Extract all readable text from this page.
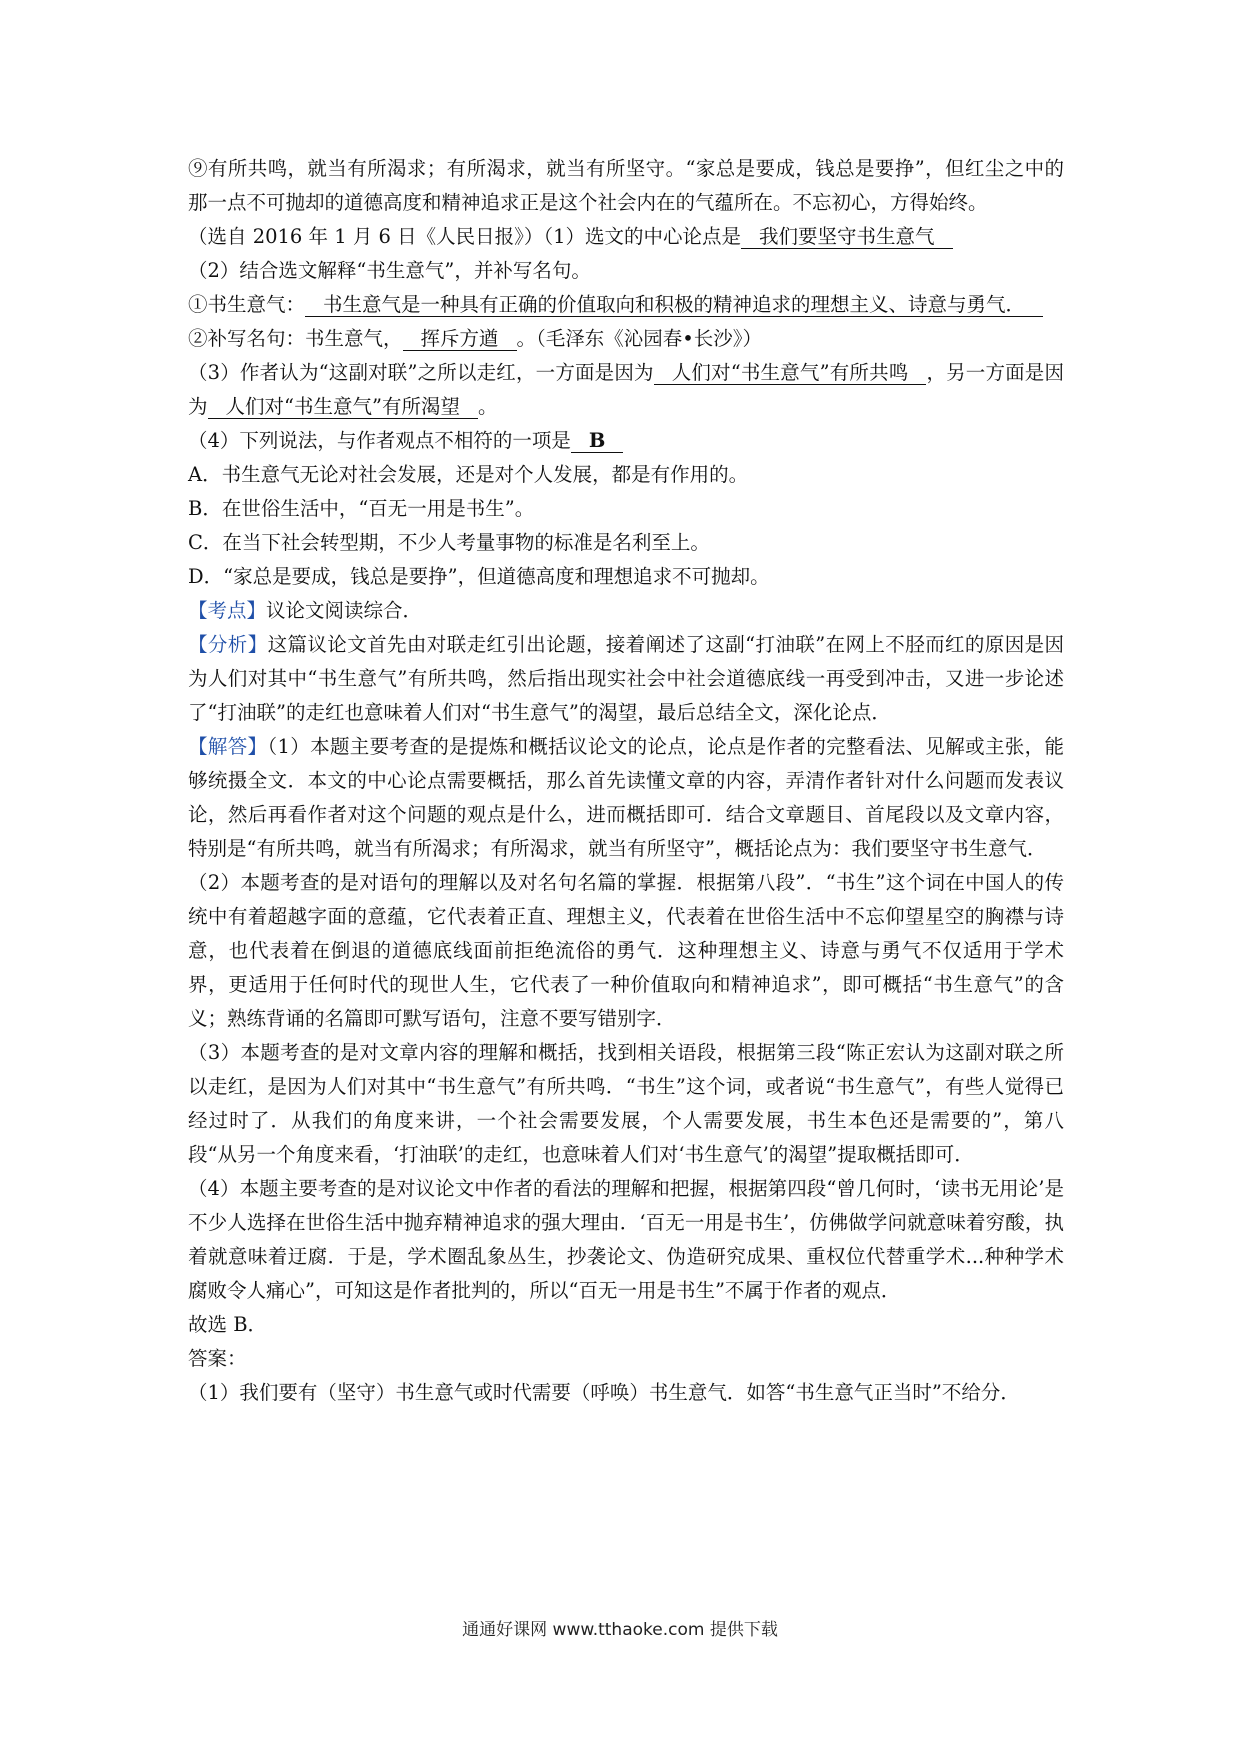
⑨有所共鸣，就当有所渴求；有所渴求，就当有所坚守。“家总是要成，钱总是要挣”，但红尘之中的那一点不可抛却的道德高度和精神追求正是这个社会内在的气蕴所在。不忘初心，方得始终。

（选自 2016 年 1 月 6 日《人民日报》）（1）选文的中心论点是 我们要坚守书生意气

（2）结合选文解释“书生意气”，并补写名句。

①书生意气： 书生意气是一种具有正确的价值取向和积极的精神追求的理想主义、诗意与勇气．

②补写名句：书生意气， 挥斥方遒 。（毛泽东《沁园春•长沙》）

（3）作者认为“这副对联”之所以走红，一方面是因为 人们对“书生意气”有所共鸣 ，另一方面是因为 人们对“书生意气”有所渴望 。

（4）下列说法，与作者观点不相符的一项是 B

A．书生意气无论对社会发展，还是对个人发展，都是有作用的。

B．在世俗生活中，“百无一用是书生”。

C．在当下社会转型期，不少人考量事物的标准是名利至上。

D．“家总是要成，钱总是要挣”，但道德高度和理想追求不可抛却。

【考点】议论文阅读综合．

【分析】这篇议论文首先由对联走红引出论题，接着阐述了这副“打油联”在网上不胫而红的原因是因为人们对其中“书生意气”有所共鸣，然后指出现实社会中社会道德底线一再受到冲击，又进一步论述了“打油联”的走红也意味着人们对“书生意气”的渴望，最后总结全文，深化论点．

【解答】（1）本题主要考查的是提炼和概括议论文的论点，论点是作者的完整看法、见解或主张，能够统摄全文．本文的中心论点需要概括，那么首先读懂文章的内容，弄清作者针对什么问题而发表议论，然后再看作者对这个问题的观点是什么，进而概括即可．结合文章题目、首尾段以及文章内容，特别是“有所共鸣，就当有所渴求；有所渴求，就当有所坚守”，概括论点为：我们要坚守书生意气．

（2）本题考查的是对语句的理解以及对名句名篇的掌握．根据第八段”．“书生”这个词在中国人的传统中有着超越字面的意蕴，它代表着正直、理想主义，代表着在世俗生活中不忘仰望星空的胸襟与诗意，也代表着在倒退的道德底线面前拒绝流俗的勇气．这种理想主义、诗意与勇气不仅适用于学术界，更适用于任何时代的现世人生，它代表了一种价值取向和精神追求”，即可概括“书生意气”的含义；熟练背诵的名篇即可默写语句，注意不要写错别字．

（3）本题考查的是对文章内容的理解和概括，找到相关语段，根据第三段“陈正宏认为这副对联之所以走红，是因为人们对其中“书生意气”有所共鸣．“书生”这个词，或者说“书生意气”，有些人觉得已经过时了．从我们的角度来讲，一个社会需要发展，个人需要发展，书生本色还是需要的”，第八段“从另一个角度来看，‘打油联’的走红，也意味着人们对‘书生意气’的渴望”提取概括即可．

（4）本题主要考查的是对议论文中作者的看法的理解和把握，根据第四段“曾几何时，‘读书无用论’是不少人选择在世俗生活中抛弃精神追求的强大理由．‘百无一用是书生’，仿佛做学问就意味着穷酸，执着就意味着迂腐．于是，学术圈乱象丛生，抄袭论文、伪造研究成果、重权位代替重学术...种种学术腐败令人痛心”，可知这是作者批判的，所以“百无一用是书生”不属于作者的观点．

故选 B．

答案：

（1）我们要有（坚守）书生意气或时代需要（呼唤）书生意气．如答“书生意气正当时”不给分．

通通好课网 www.tthaoke.com 提供下载
